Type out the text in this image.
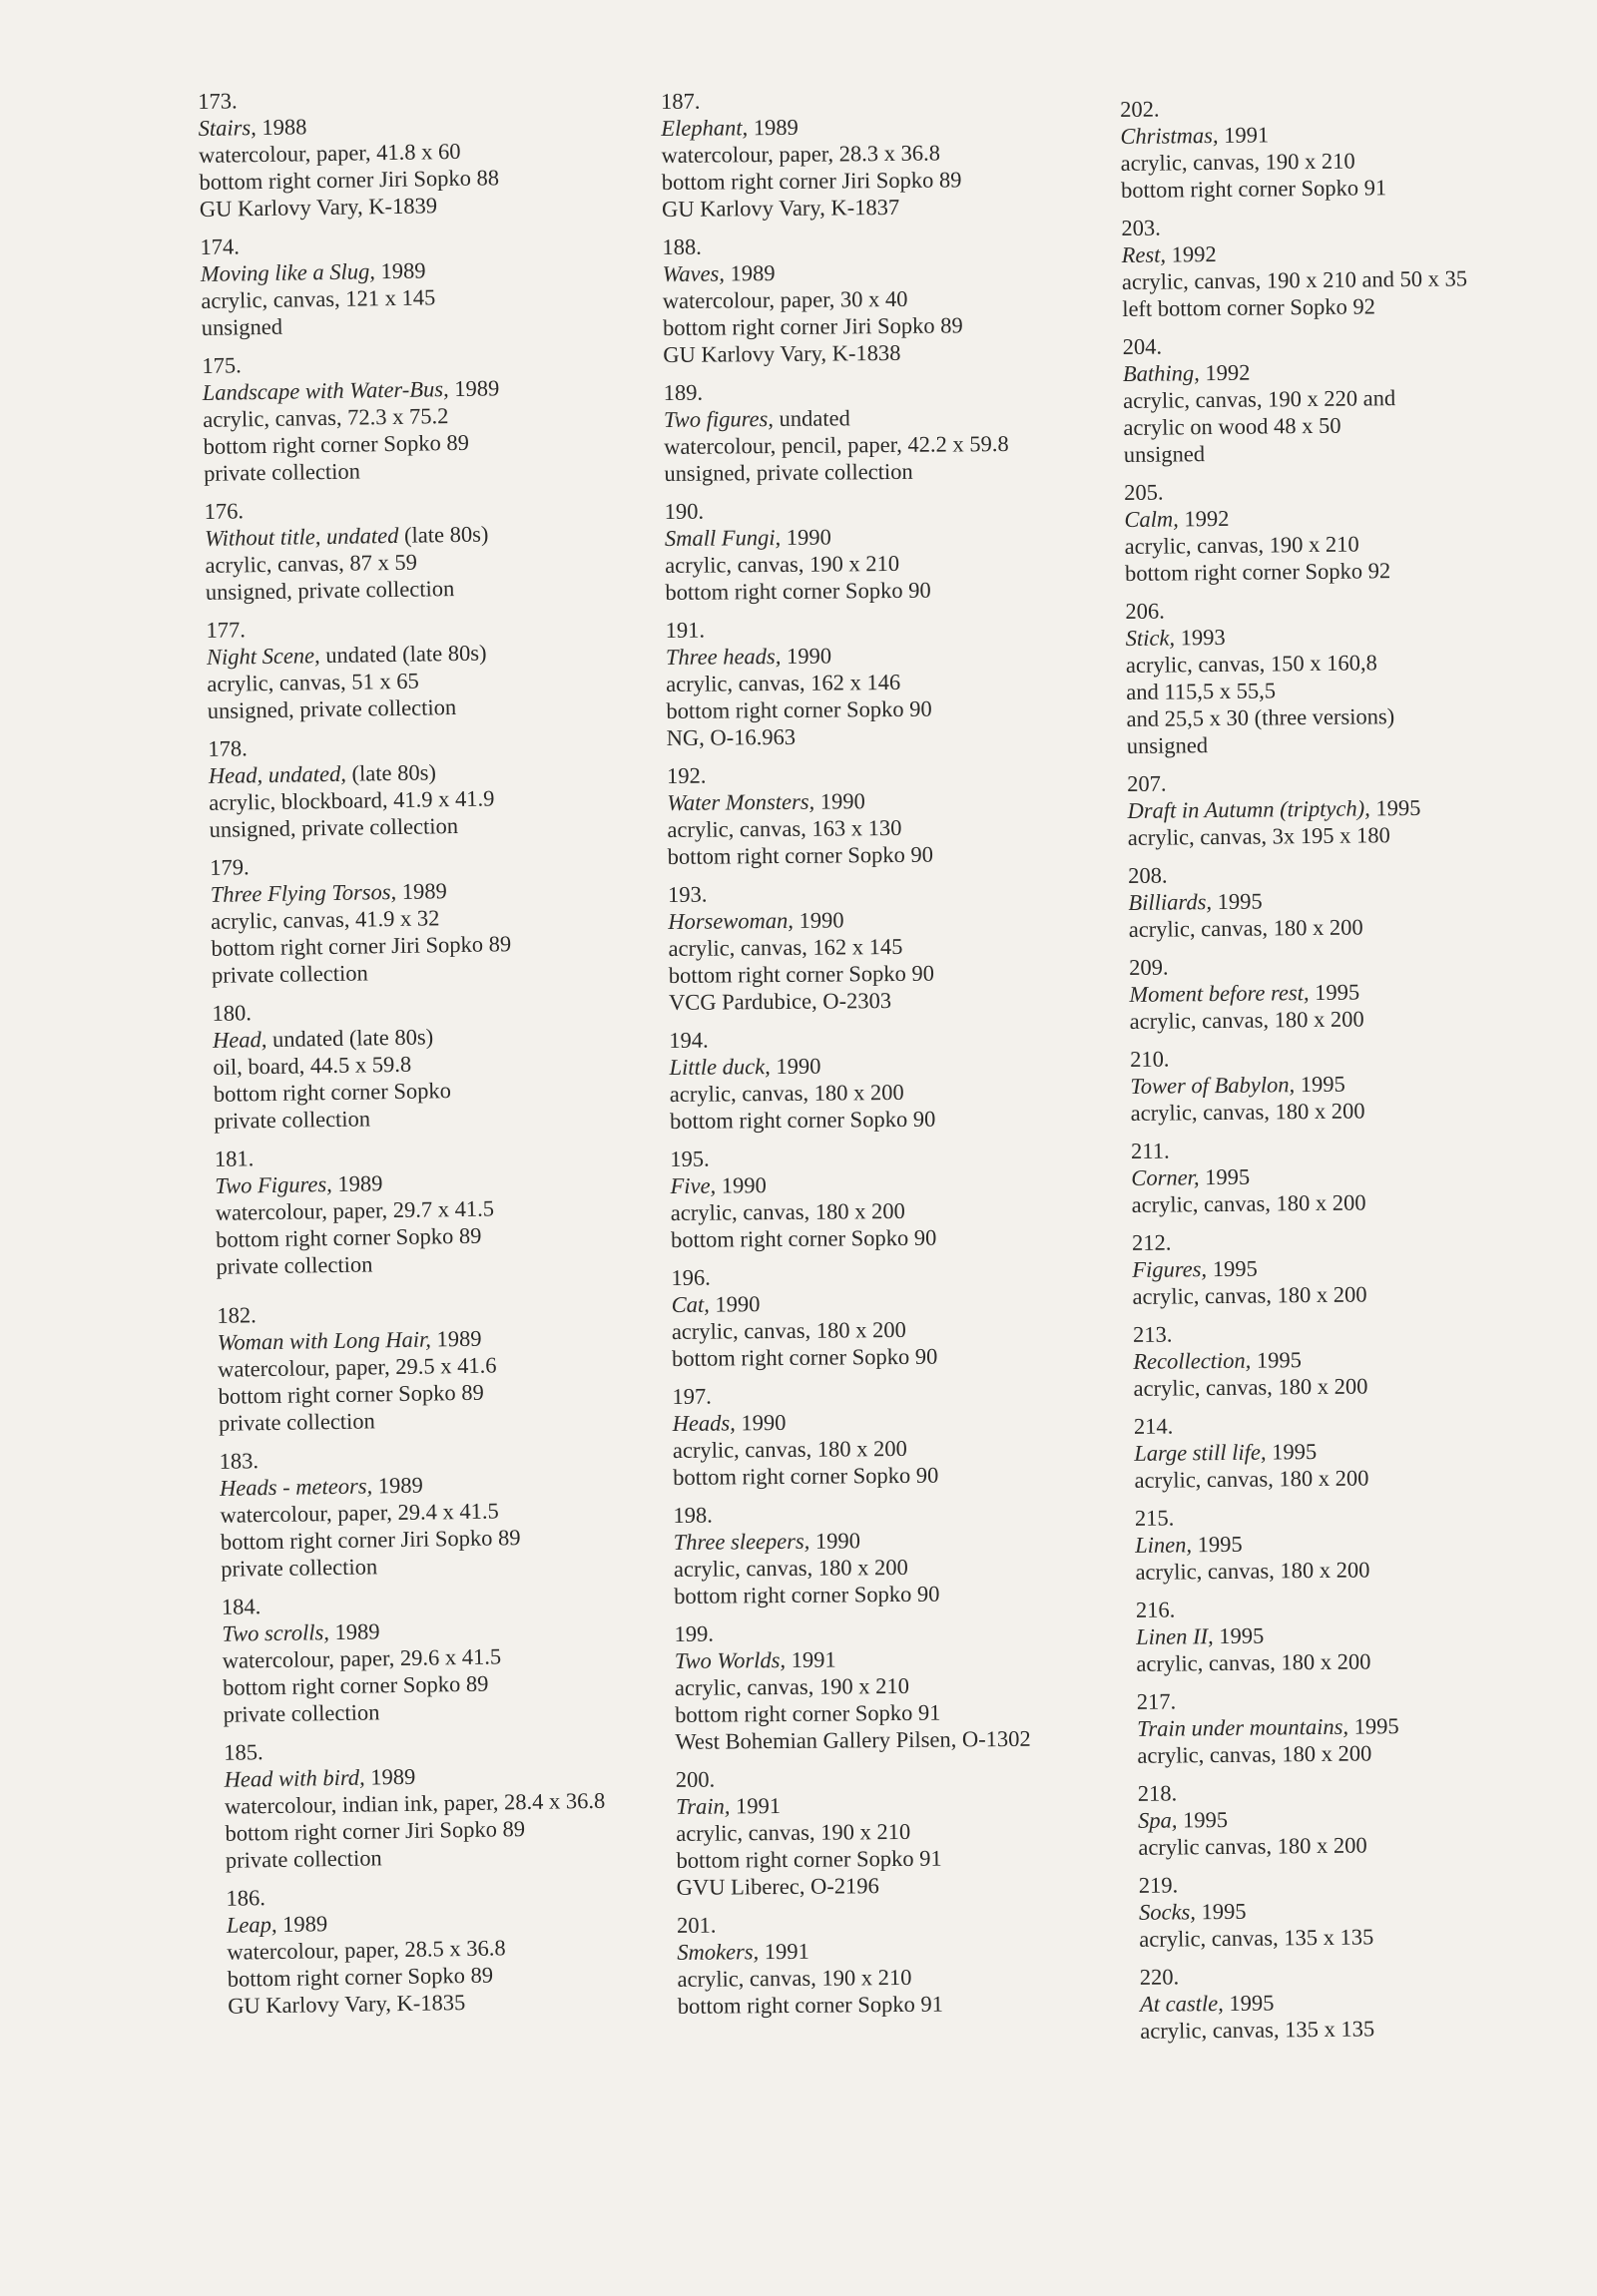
173.
Stairs, 1988
watercolour, paper, 41.8 x 60
bottom right corner Jiri Sopko 88
GU Karlovy Vary, K-1839
174.
Moving like a Slug, 1989
acrylic, canvas, 121 x 145
unsigned
175.
Landscape with Water-Bus, 1989
acrylic, canvas, 72.3 x 75.2
bottom right corner Sopko 89
private collection
176.
Without title, undated (late 80s)
acrylic, canvas, 87 x 59
unsigned, private collection
177.
Night Scene, undated (late 80s)
acrylic, canvas, 51 x 65
unsigned, private collection
178.
Head, undated, (late 80s)
acrylic, blockboard, 41.9 x 41.9
unsigned, private collection
179.
Three Flying Torsos, 1989
acrylic, canvas, 41.9 x 32
bottom right corner Jiri Sopko 89
private collection
180.
Head, undated (late 80s)
oil, board, 44.5 x 59.8
bottom right corner Sopko
private collection
181.
Two Figures, 1989
watercolour, paper, 29.7 x 41.5
bottom right corner Sopko 89
private collection
182.
Woman with Long Hair, 1989
watercolour, paper, 29.5 x 41.6
bottom right corner Sopko 89
private collection
183.
Heads - meteors, 1989
watercolour, paper, 29.4 x 41.5
bottom right corner Jiri Sopko 89
private collection
184.
Two scrolls, 1989
watercolour, paper, 29.6 x 41.5
bottom right corner Sopko 89
private collection
185.
Head with bird, 1989
watercolour, indian ink, paper, 28.4 x 36.8
bottom right corner Jiri Sopko 89
private collection
186.
Leap, 1989
watercolour, paper, 28.5 x 36.8
bottom right corner Sopko 89
GU Karlovy Vary, K-1835
187.
Elephant, 1989
watercolour, paper, 28.3 x 36.8
bottom right corner Jiri Sopko 89
GU Karlovy Vary, K-1837
188.
Waves, 1989
watercolour, paper, 30 x 40
bottom right corner Jiri Sopko 89
GU Karlovy Vary, K-1838
189.
Two figures, undated
watercolour, pencil, paper, 42.2 x 59.8
unsigned, private collection
190.
Small Fungi, 1990
acrylic, canvas, 190 x 210
bottom right corner Sopko 90
191.
Three heads, 1990
acrylic, canvas, 162 x 146
bottom right corner Sopko 90
NG, O-16.963
192.
Water Monsters, 1990
acrylic, canvas, 163 x 130
bottom right corner Sopko 90
193.
Horsewoman, 1990
acrylic, canvas, 162 x 145
bottom right corner Sopko 90
VCG Pardubice, O-2303
194.
Little duck, 1990
acrylic, canvas, 180 x 200
bottom right corner Sopko 90
195.
Five, 1990
acrylic, canvas, 180 x 200
bottom right corner Sopko 90
196.
Cat, 1990
acrylic, canvas, 180 x 200
bottom right corner Sopko 90
197.
Heads, 1990
acrylic, canvas, 180 x 200
bottom right corner Sopko 90
198.
Three sleepers, 1990
acrylic, canvas, 180 x 200
bottom right corner Sopko 90
199.
Two Worlds, 1991
acrylic, canvas, 190 x 210
bottom right corner Sopko 91
West Bohemian Gallery Pilsen, O-1302
200.
Train, 1991
acrylic, canvas, 190 x 210
bottom right corner Sopko 91
GVU Liberec, O-2196
201.
Smokers, 1991
acrylic, canvas, 190 x 210
bottom right corner Sopko 91
202.
Christmas, 1991
acrylic, canvas, 190 x 210
bottom right corner Sopko 91
203.
Rest, 1992
acrylic, canvas, 190 x 210 and 50 x 35
left bottom corner Sopko 92
204.
Bathing, 1992
acrylic, canvas, 190 x 220 and
acrylic on wood 48 x 50
unsigned
205.
Calm, 1992
acrylic, canvas, 190 x 210
bottom right corner Sopko 92
206.
Stick, 1993
acrylic, canvas, 150 x 160,8
and 115,5 x 55,5
and 25,5 x 30 (three versions)
unsigned
207.
Draft in Autumn (triptych), 1995
acrylic, canvas, 3x 195 x 180
208.
Billiards, 1995
acrylic, canvas, 180 x 200
209.
Moment before rest, 1995
acrylic, canvas, 180 x 200
210.
Tower of Babylon, 1995
acrylic, canvas, 180 x 200
211.
Corner, 1995
acrylic, canvas, 180 x 200
212.
Figures, 1995
acrylic, canvas, 180 x 200
213.
Recollection, 1995
acrylic, canvas, 180 x 200
214.
Large still life, 1995
acrylic, canvas, 180 x 200
215.
Linen, 1995
acrylic, canvas, 180 x 200
216.
Linen II, 1995
acrylic, canvas, 180 x 200
217.
Train under mountains, 1995
acrylic, canvas, 180 x 200
218.
Spa, 1995
acrylic canvas, 180 x 200
219.
Socks, 1995
acrylic, canvas, 135 x 135
220.
At castle, 1995
acrylic, canvas, 135 x 135
